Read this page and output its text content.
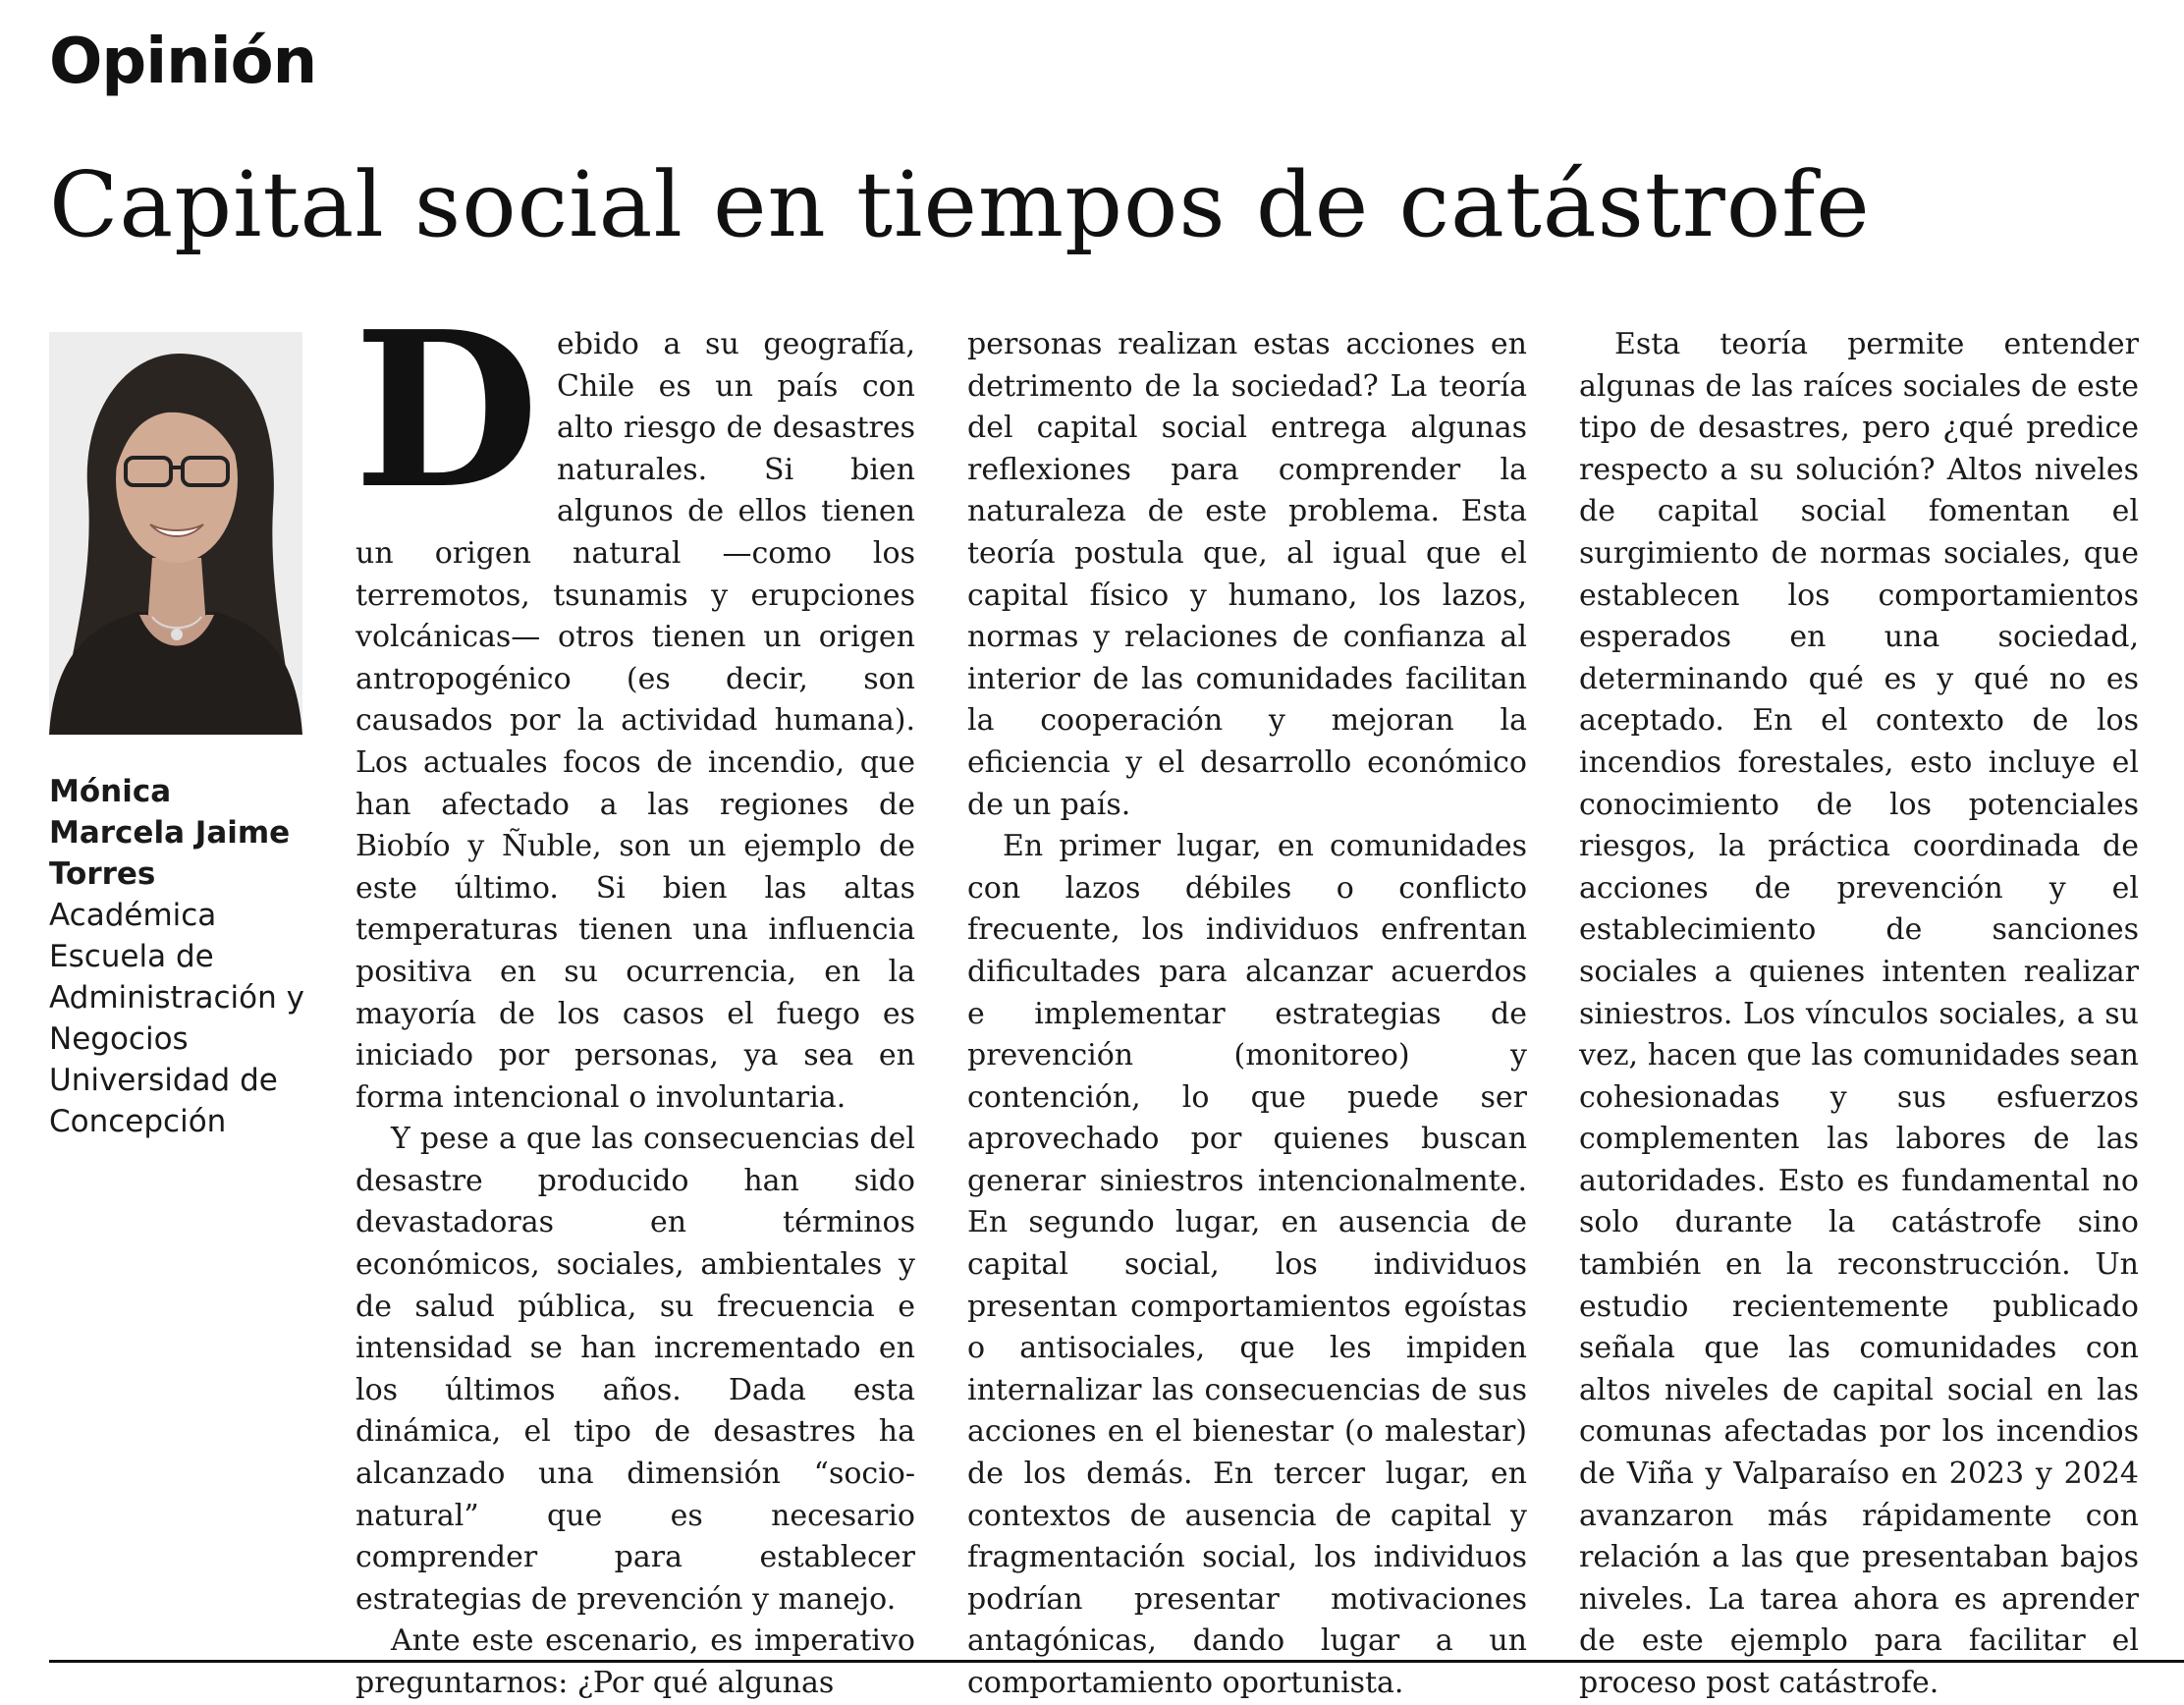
Opinión
Capital social en tiempos de catástrofe
Mónica Marcela Jaime Torres
Académica Escuela de Administración y Negocios Universidad de Concepción

Debido a su geografía, Chile es un país con alto riesgo de desastres naturales. Si bien algunos de ellos tienen un origen natural —como los terremotos, tsunamis y erupciones volcánicas— otros tienen un origen antropogénico (es decir, son causados por la actividad humana). Los actuales focos de incendio, que han afectado a las regiones de Biobío y Ñuble, son un ejemplo de este último. Si bien las altas temperaturas tienen una influencia positiva en su ocurrencia, en la mayoría de los casos el fuego es iniciado por personas, ya sea en forma intencional o involuntaria.

Y pese a que las consecuencias del desastre producido han sido devastadoras en términos económicos, sociales, ambientales y de salud pública, su frecuencia e intensidad se han incrementado en los últimos años. Dada esta dinámica, el tipo de desastres ha alcanzado una dimensión “socio-natural” que es necesario comprender para establecer estrategias de prevención y manejo.

Ante este escenario, es imperativo preguntarnos: ¿Por qué algunas

personas realizan estas acciones en detrimento de la sociedad? La teoría del capital social entrega algunas reflexiones para comprender la naturaleza de este problema. Esta teoría postula que, al igual que el capital físico y humano, los lazos, normas y relaciones de confianza al interior de las comunidades facilitan la cooperación y mejoran la eficiencia y el desarrollo económico de un país.

En primer lugar, en comunidades con lazos débiles o conflicto frecuente, los individuos enfrentan dificultades para alcanzar acuerdos e implementar estrategias de prevención (monitoreo) y contención, lo que puede ser aprovechado por quienes buscan generar siniestros intencionalmente. En segundo lugar, en ausencia de capital social, los individuos presentan comportamientos egoístas o antisociales, que les impiden internalizar las consecuencias de sus acciones en el bienestar (o malestar) de los demás. En tercer lugar, en contextos de ausencia de capital y fragmentación social, los individuos podrían presentar motivaciones antagónicas, dando lugar a un comportamiento oportunista.

Esta teoría permite entender algunas de las raíces sociales de este tipo de desastres, pero ¿qué predice respecto a su solución? Altos niveles de capital social fomentan el surgimiento de normas sociales, que establecen los comportamientos esperados en una sociedad, determinando qué es y qué no es aceptado. En el contexto de los incendios forestales, esto incluye el conocimiento de los potenciales riesgos, la práctica coordinada de acciones de prevención y el establecimiento de sanciones sociales a quienes intenten realizar siniestros. Los vínculos sociales, a su vez, hacen que las comunidades sean cohesionadas y sus esfuerzos complementen las labores de las autoridades. Esto es fundamental no solo durante la catástrofe sino también en la reconstrucción. Un estudio recientemente publicado señala que las comunidades con altos niveles de capital social en las comunas afectadas por los incendios de Viña y Valparaíso en 2023 y 2024 avanzaron más rápidamente con relación a las que presentaban bajos niveles. La tarea ahora es aprender de este ejemplo para facilitar el proceso post catástrofe.
